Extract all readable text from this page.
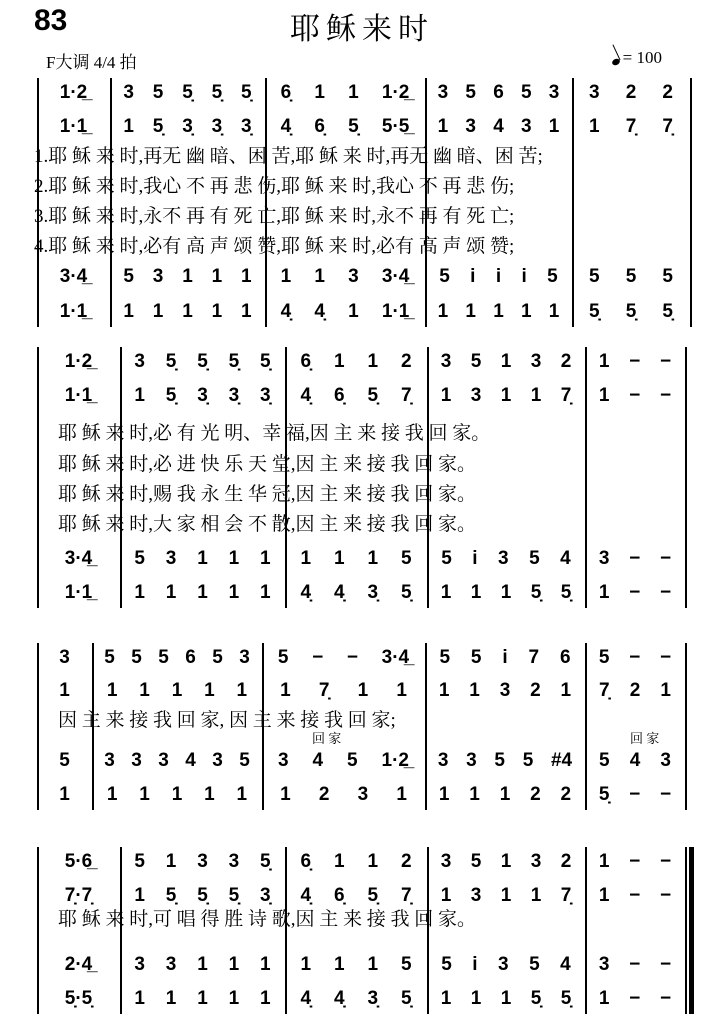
83	耶稣来时
F大调 4/4 拍	= 100
1·2̲ 3 5 5̣ 5̣ 5̣ 6̣ 1 1 1·2̲ 3 5 6 5 3 3 2 2
1·1̲ 1 5̣ 3̣ 3̣ 3̣ 4̣ 6̣ 5̣ 5·5̲ 1 3 4 3 1 1 7̣ 7̣
3·4̲ 5 3 1 1 1 1 1 3 3·4̲ 5 i i i 5 5 5 5
1·1̲ 1 1 1 1 1 4̣ 4̣ 1 1·1̲ 1 1 1 1 1 5̣ 5̣ 5̣
1.耶 稣 来 时,再无 幽 暗、困 苦,耶 稣 来 时,再无 幽 暗、困 苦;
2.耶 稣 来 时,我心 不 再 悲 伤,耶 稣 来 时,我心 不 再 悲 伤;
3.耶 稣 来 时,永不 再 有 死 亡,耶 稣 来 时,永不 再 有 死 亡;
4.耶 稣 来 时,必有 高 声 颂 赞,耶 稣 来 时,必有 高 声 颂 赞;
1·2̲ 3 5̣ 5̣ 5̣ 5̣ 6̣ 1 1 2 3 5 1 3 2 1 − −
1·1̲ 1 5̣ 3̣ 3̣ 3̣ 4̣ 6̣ 5̣ 7̣ 1 3 1 1 7̣ 1 − −
3·4̲ 5 3 1 1 1 1 1 1 5 5 i 3 5 4 3 − −
1·1̲ 1 1 1 1 1 4̣ 4̣ 3̣ 5̣ 1 1 1 5̣ 5̣ 1 − −
耶 稣 来 时,必 有 光 明、幸 福,因 主 来 接 我 回 家。
耶 稣 来 时,必 进 快 乐 天 堂,因 主 来 接 我 回 家。
耶 稣 来 时,赐 我 永 生 华 冠,因 主 来 接 我 回 家。
耶 稣 来 时,大 家 相 会 不 散,因 主 来 接 我 回 家。
3 5 5 5 6 5 3 5 − − 3·4̲ 5 5 i 7 6 5 − −
1 1 1 1 1 1 1 7̣ 1 1 1 1 3 2 1 7̣ 2 1
5 3 3 3 4 3 5 3 4 5 1·2̲ 3 3 5 5 #4 5 4 3
1 1 1 1 1 1 1 2 3 1 1 1 1 2 2 5̣ − −
因 主 来 接 我 回 家, 因 主 来 接 我 回 家;
回 家	回 家
5·6̲ 5 1 3 3 5̣ 6̣ 1 1 2 3 5 1 3 2 1 − −
7̣·7̣ 1 5̣ 5̣ 5̣ 3̣ 4̣ 6̣ 5̣ 7̣ 1 3 1 1 7̣ 1 − −
2·4̲ 3 3 1 1 1 1 1 1 5 5 i 3 5 4 3 − −
5̣·5̣ 1 1 1 1 1 4̣ 4̣ 3̣ 5̣ 1 1 1 5̣ 5̣ 1 − −
耶 稣 来 时,可 唱 得 胜 诗 歌,因 主 来 接 我 回 家。
